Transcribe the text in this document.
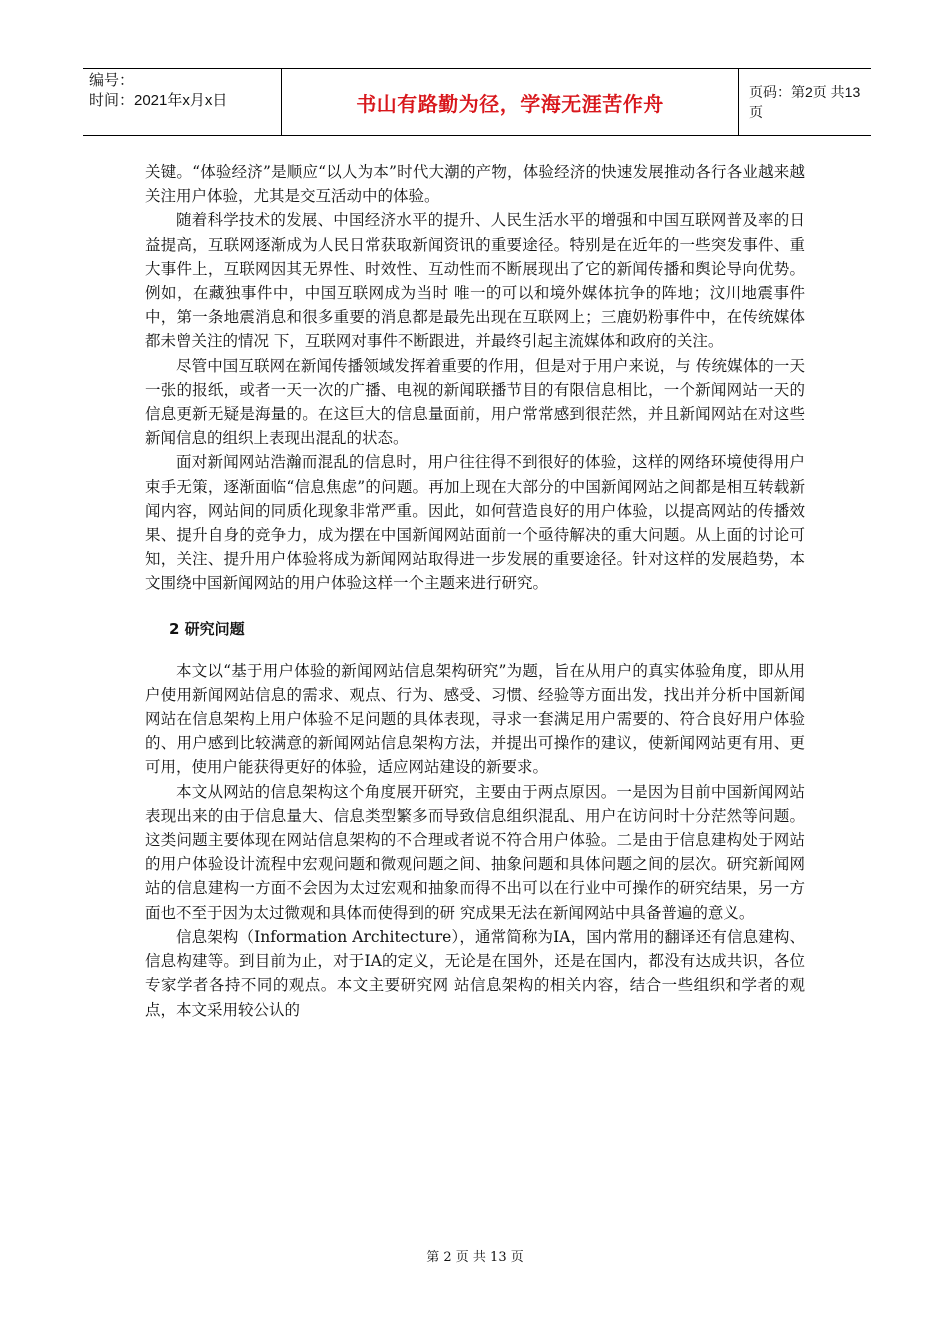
编号：
时间：2021年x月x日	书山有路勤为径，学海无涯苦作舟	页码：第2页 共13页

关键。“体验经济”是顺应“以人为本”时代大潮的产物，体验经济的快速发展推动各行各业越来越关注用户体验，尤其是交互活动中的体验。

随着科学技术的发展、中国经济水平的提升、人民生活水平的增强和中国互联网普及率的日益提高，互联网逐渐成为人民日常获取新闻资讯的重要途径。特别是在近年的一些突发事件、重大事件上，互联网因其无界性、时效性、互动性而不断展现出了它的新闻传播和舆论导向优势。例如，在藏独事件中，中国互联网成为当时 唯一的可以和境外媒体抗争的阵地；汶川地震事件中，第一条地震消息和很多重要的消息都是最先出现在互联网上；三鹿奶粉事件中，在传统媒体都未曾关注的情况 下，互联网对事件不断跟进，并最终引起主流媒体和政府的关注。

尽管中国互联网在新闻传播领域发挥着重要的作用，但是对于用户来说，与 传统媒体的一天一张的报纸，或者一天一次的广播、电视的新闻联播节目的有限信息相比，一个新闻网站一天的信息更新无疑是海量的。在这巨大的信息量面前，用户常常感到很茫然，并且新闻网站在对这些新闻信息的组织上表现出混乱的状态。

面对新闻网站浩瀚而混乱的信息时，用户往往得不到很好的体验，这样的网络环境使得用户束手无策，逐渐面临“信息焦虑”的问题。再加上现在大部分的中国新闻网站之间都是相互转载新闻内容，网站间的同质化现象非常严重。因此，如何营造良好的用户体验，以提高网站的传播效果、提升自身的竞争力，成为摆在中国新闻网站面前一个亟待解决的重大问题。从上面的讨论可知，关注、提升用户体验将成为新闻网站取得进一步发展的重要途径。针对这样的发展趋势，本文围绕中国新闻网站的用户体验这样一个主题来进行研究。

2 研究问题

本文以“基于用户体验的新闻网站信息架构研究”为题，旨在从用户的真实体验角度，即从用户使用新闻网站信息的需求、观点、行为、感受、习惯、经验等方面出发，找出并分析中国新闻网站在信息架构上用户体验不足问题的具体表现，寻求一套满足用户需要的、符合良好用户体验的、用户感到比较满意的新闻网站信息架构方法，并提出可操作的建议，使新闻网站更有用、更可用，使用户能获得更好的体验，适应网站建设的新要求。

本文从网站的信息架构这个角度展开研究，主要由于两点原因。一是因为目前中国新闻网站表现出来的由于信息量大、信息类型繁多而导致信息组织混乱、用户在访问时十分茫然等问题。这类问题主要体现在网站信息架构的不合理或者说不符合用户体验。二是由于信息建构处于网站的用户体验设计流程中宏观问题和微观问题之间、抽象问题和具体问题之间的层次。研究新闻网站的信息建构一方面不会因为太过宏观和抽象而得不出可以在行业中可操作的研究结果，另一方面也不至于因为太过微观和具体而使得到的研 究成果无法在新闻网站中具备普遍的意义。

信息架构（Information Architecture），通常简称为IA，国内常用的翻译还有信息建构、信息构建等。到目前为止，对于IA的定义，无论是在国外，还是在国内，都没有达成共识，各位专家学者各持不同的观点。本文主要研究网 站信息架构的相关内容，结合一些组织和学者的观点，本文采用较公认的

第 2 页 共 13 页
